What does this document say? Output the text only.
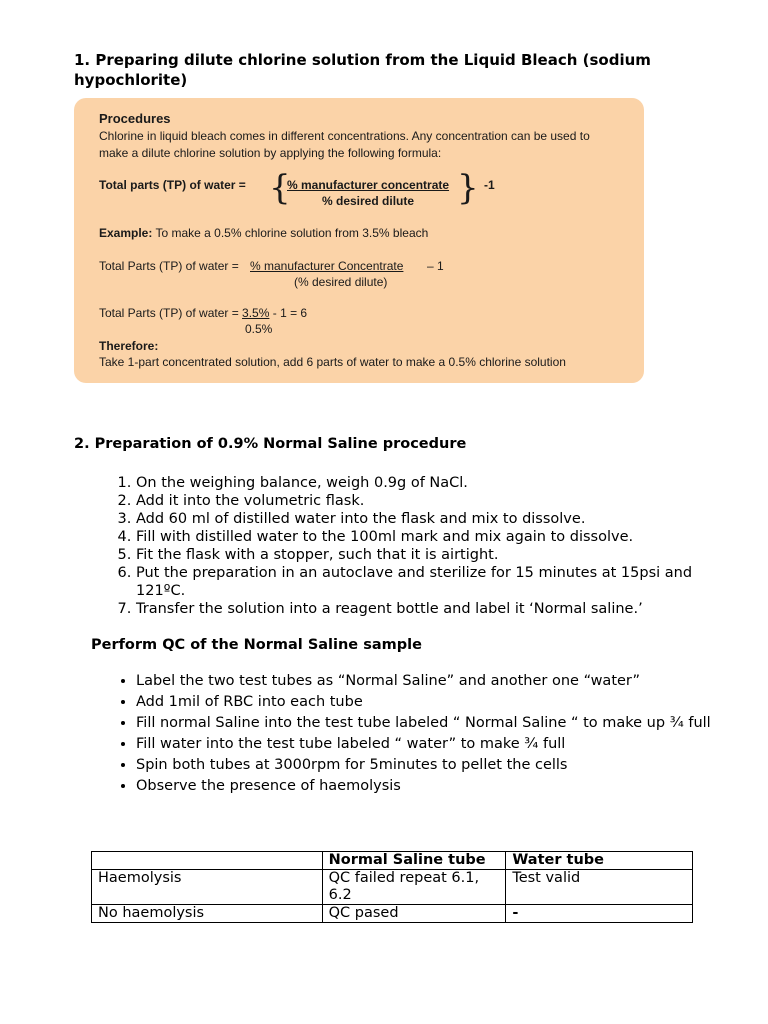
1. Preparing dilute chlorine solution from the Liquid Bleach (sodium hypochlorite)
Procedures
Chlorine in liquid bleach comes in different concentrations. Any concentration can be used to
make a dilute chlorine solution by applying the following formula:
Total parts (TP) of water = {
% manufacturer concentrate
% desired dilute } -1
Example: To make a 0.5% chlorine solution from 3.5% bleach
Total Parts (TP) of water = % manufacturer Concentrate – 1
(% desired dilute)
Total Parts (TP) of water = 3.5% - 1 = 6
0.5%
Therefore:
Take 1-part concentrated solution, add 6 parts of water to make a 0.5% chlorine solution
2. Preparation of 0.9% Normal Saline procedure
1. On the weighing balance, weigh 0.9g of NaCl.
2. Add it into the volumetric flask.
3. Add 60 ml of distilled water into the flask and mix to dissolve.
4. Fill with distilled water to the 100ml mark and mix again to dissolve.
5. Fit the flask with a stopper, such that it is airtight.
6. Put the preparation in an autoclave and sterilize for 15 minutes at 15psi and 121ºC.
7. Transfer the solution into a reagent bottle and label it ‘Normal saline.’
Perform QC of the Normal Saline sample
• Label the two test tubes as “Normal Saline” and another one “water”
• Add 1mil of RBC into each tube
• Fill normal Saline into the test tube labeled “ Normal Saline “ to make up ¾ full
• Fill water into the test tube labeled “ water” to make ¾ full
• Spin both tubes at 3000rpm for 5minutes to pellet the cells
• Observe the presence of haemolysis
	Normal Saline tube	Water tube
Haemolysis	QC failed repeat 6.1, 6.2	Test valid
No haemolysis	QC pased	-
